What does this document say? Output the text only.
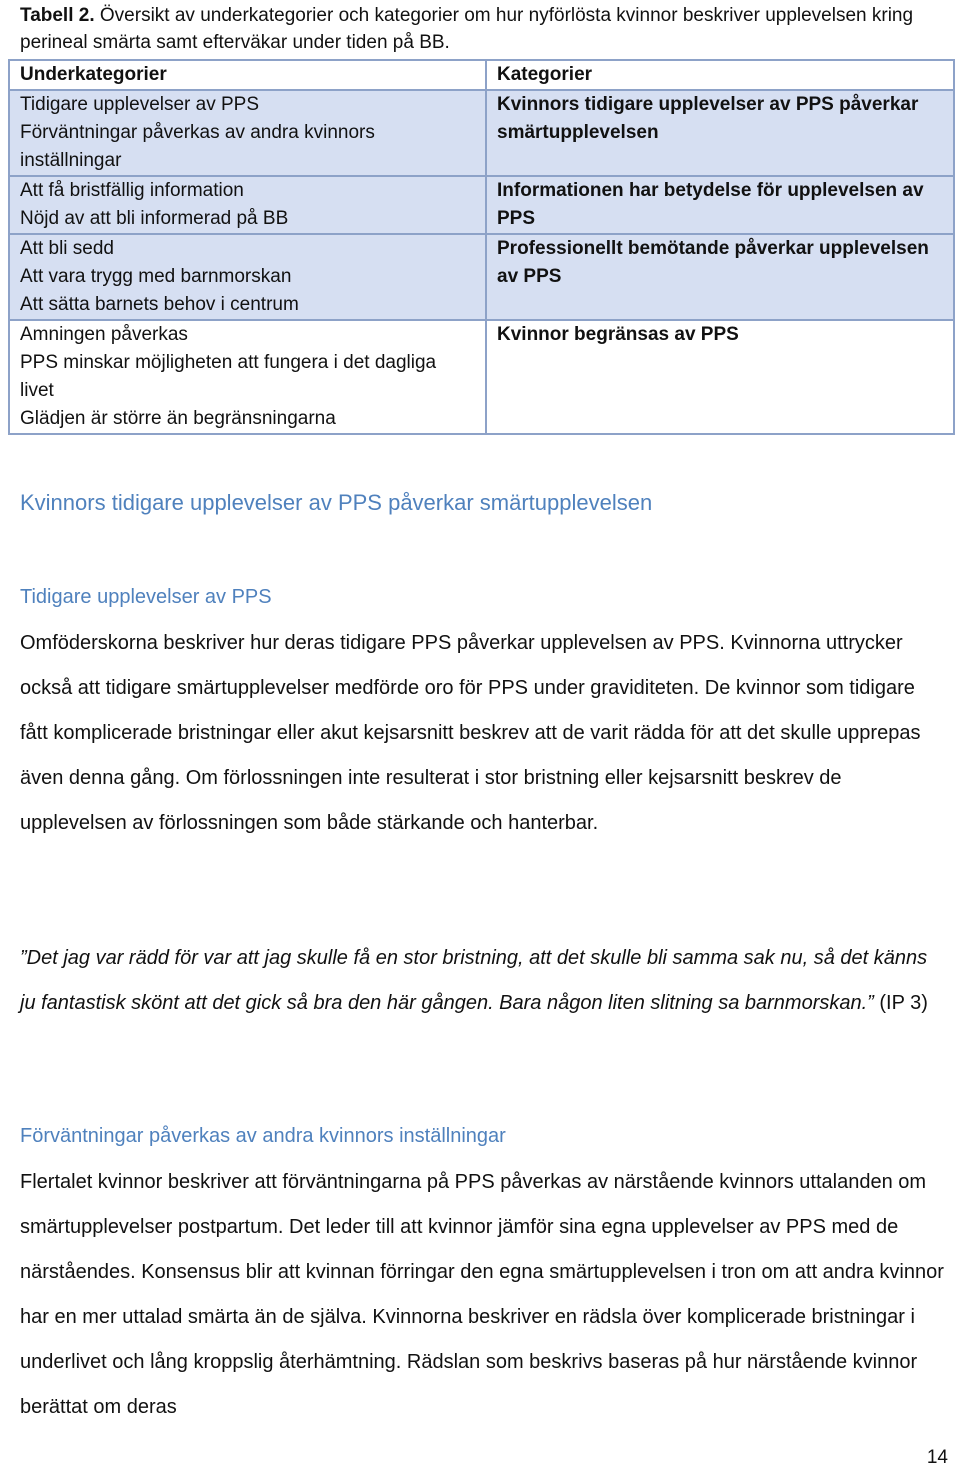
Tabell 2. Översikt av underkategorier och kategorier om hur nyförlösta kvinnor beskriver upplevelsen kring perineal smärta samt efterväkar under tiden på BB.
Underkategorier	Kategorier

Tidigare upplevelser av PPS
Förväntningar påverkas av andra kvinnors
inställningar	Kvinnors tidigare upplevelser av PPS påverkar smärtupplevelsen

Att få bristfällig information
Nöjd av att bli informerad på BB	Informationen har betydelse för upplevelsen av PPS

Att bli sedd
Att vara trygg med barnmorskan
Att sätta barnets behov i centrum	Professionellt bemötande påverkar upplevelsen av PPS

Amningen påverkas
PPS minskar möjligheten att fungera i det dagliga livet
Glädjen är större än begränsningarna	Kvinnor begränsas av PPS
Kvinnors tidigare upplevelser av PPS påverkar smärtupplevelsen
Tidigare upplevelser av PPS
Omföderskorna beskriver hur deras tidigare PPS påverkar upplevelsen av PPS. Kvinnorna uttrycker också att tidigare smärtupplevelser medförde oro för PPS under graviditeten. De kvinnor som tidigare fått komplicerade bristningar eller akut kejsarsnitt beskrev att de varit rädda för att det skulle upprepas även denna gång. Om förlossningen inte resulterat i stor bristning eller kejsarsnitt beskrev de upplevelsen av förlossningen som både stärkande och hanterbar.
”Det jag var rädd för var att jag skulle få en stor bristning, att det skulle bli samma sak nu, så det känns ju fantastisk skönt att det gick så bra den här gången. Bara någon liten slitning sa barnmorskan.” (IP 3)
Förväntningar påverkas av andra kvinnors inställningar
Flertalet kvinnor beskriver att förväntningarna på PPS påverkas av närstående kvinnors uttalanden om smärtupplevelser postpartum. Det leder till att kvinnor jämför sina egna upplevelser av PPS med de närståendes. Konsensus blir att kvinnan förringar den egna smärtupplevelsen i tron om att andra kvinnor har en mer uttalad smärta än de själva. Kvinnorna beskriver en rädsla över komplicerade bristningar i underlivet och lång kroppslig återhämtning. Rädslan som beskrivs baseras på hur närstående kvinnor berättat om deras
14
